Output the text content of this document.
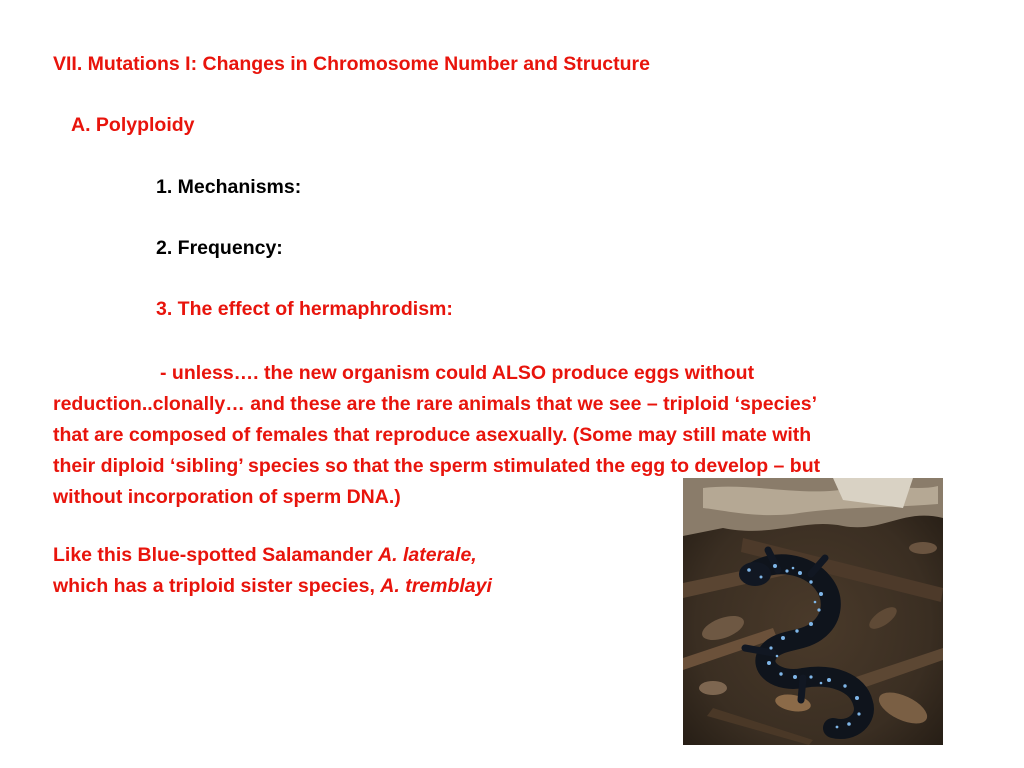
VII. Mutations I: Changes in Chromosome Number and Structure
A. Polyploidy
1. Mechanisms:
2. Frequency:
3. The effect of hermaphrodism:

- unless…. the new organism could ALSO produce eggs without

reduction..clonally… and these are the rare animals that we see – triploid ‘species’

that are composed of females that reproduce asexually. (Some may still mate with

their diploid ‘sibling’ species so that the sperm stimulated the egg to develop – but

without incorporation of sperm DNA.)

Like this Blue-spotted Salamander A. laterale,
which has a triploid sister species, A. tremblayi
